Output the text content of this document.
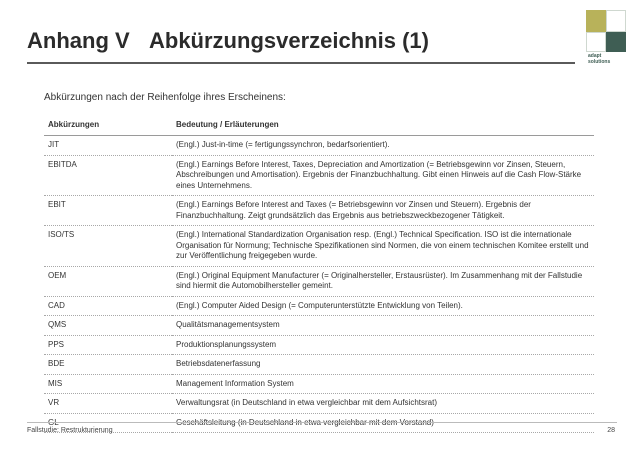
Anhang V Abkürzungsverzeichnis (1)
adapt
solutions
Abkürzungen nach der Reihenfolge ihres Erscheinens:
Abkürzungen	Bedeutung / Erläuterungen
JIT	(Engl.) Just-in-time (= fertigungssynchron, bedarfsorientiert).
EBITDA	(Engl.) Earnings Before Interest, Taxes, Depreciation and Amortization (= Betriebsgewinn vor Zinsen, Steuern, Abschreibungen und Amortisation). Ergebnis der Finanzbuchhaltung. Gibt einen Hinweis auf die Cash Flow-Stärke eines Unternehmens.
EBIT	(Engl.) Earnings Before Interest and Taxes (= Betriebsgewinn vor Zinsen und Steuern). Ergebnis der Finanzbuchhaltung. Zeigt grundsätzlich das Ergebnis aus betriebszweckbezogener Tätigkeit.
ISO/TS	(Engl.) International Standardization Organisation resp. (Engl.) Technical Specification. ISO ist die internationale Organisation für Normung; Technische Spezifikationen sind Normen, die von einem technischen Komitee erstellt und zur Veröffentlichung freigegeben wurde.
OEM	(Engl.) Original Equipment Manufacturer (= Originalhersteller, Erstausrüster). Im Zusammenhang mit der Fallstudie sind hiermit die Automobilhersteller gemeint.
CAD	(Engl.) Computer Aided Design (= Computerunterstützte Entwicklung von Teilen).
QMS	Qualitätsmanagementsystem
PPS	Produktionsplanungssystem
BDE	Betriebsdatenerfassung
MIS	Management Information System
VR	Verwaltungsrat (in Deutschland in etwa vergleichbar mit dem Aufsichtsrat)
GL	Geschäftsleitung (in Deutschland in etwa vergleichbar mit dem Vorstand)
Fallstudie: Restrukturierung	28
